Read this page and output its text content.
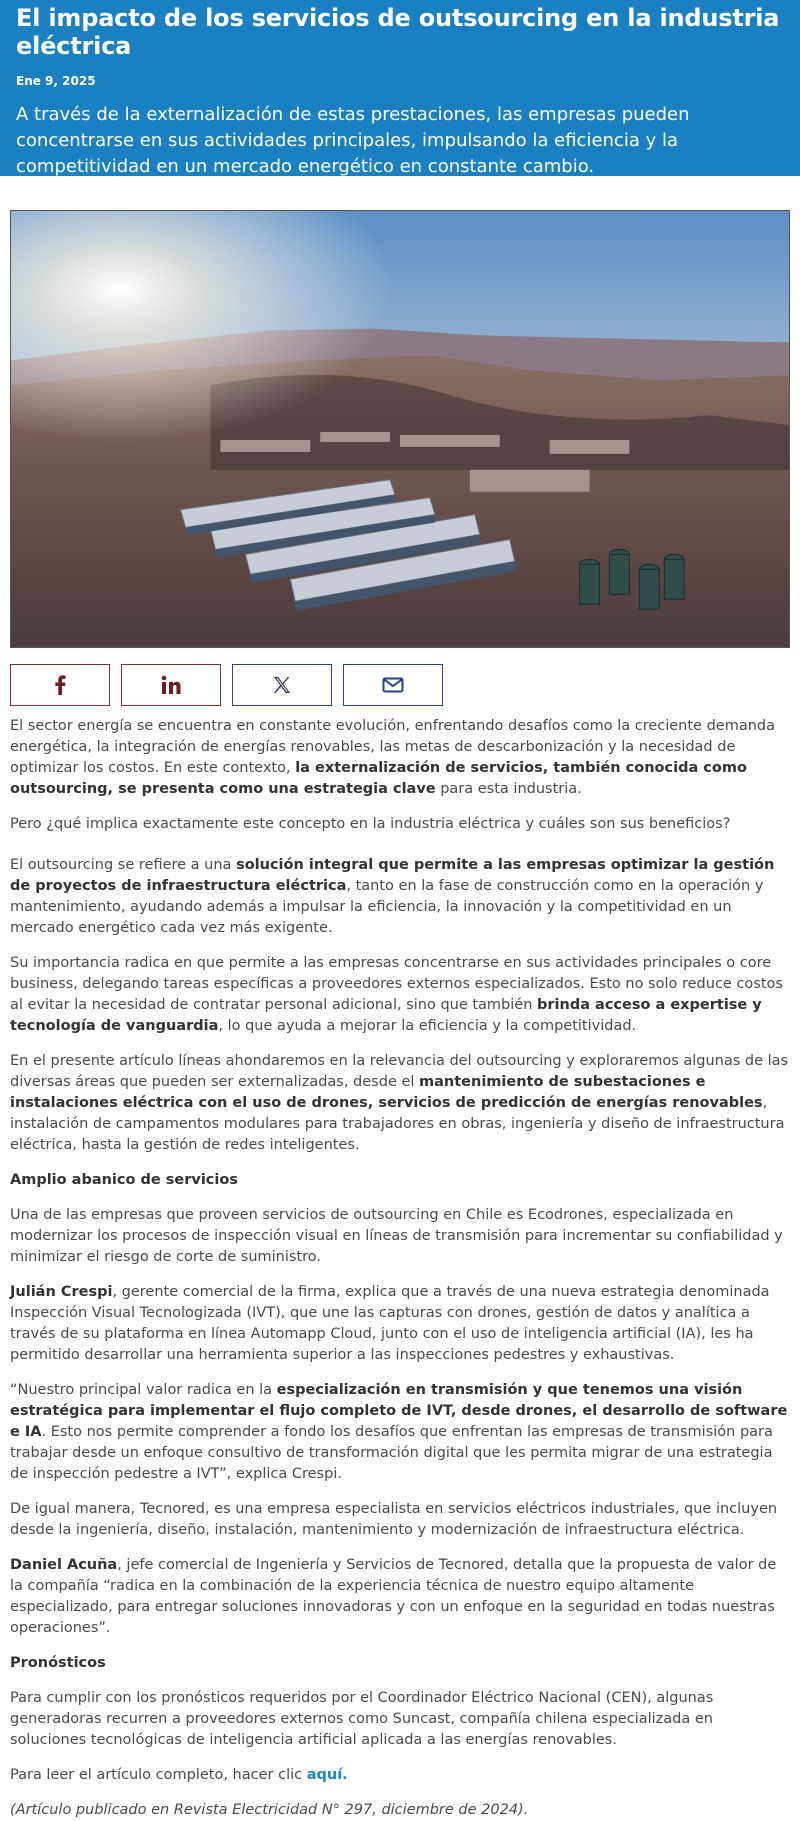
El impacto de los servicios de outsourcing en la industria eléctrica
Ene 9, 2025
A través de la externalización de estas prestaciones, las empresas pueden concentrarse en sus actividades principales, impulsando la eficiencia y la competitividad en un mercado energético en constante cambio.

El sector energía se encuentra en constante evolución, enfrentando desafíos como la creciente demanda energética, la integración de energías renovables, las metas de descarbonización y la necesidad de optimizar los costos. En este contexto, la externalización de servicios, también conocida como outsourcing, se presenta como una estrategia clave para esta industria.

Pero ¿qué implica exactamente este concepto en la industria eléctrica y cuáles son sus beneficios?

El outsourcing se refiere a una solución integral que permite a las empresas optimizar la gestión de proyectos de infraestructura eléctrica, tanto en la fase de construcción como en la operación y mantenimiento, ayudando además a impulsar la eficiencia, la innovación y la competitividad en un mercado energético cada vez más exigente.

Su importancia radica en que permite a las empresas concentrarse en sus actividades principales o core business, delegando tareas específicas a proveedores externos especializados. Esto no solo reduce costos al evitar la necesidad de contratar personal adicional, sino que también brinda acceso a expertise y tecnología de vanguardia, lo que ayuda a mejorar la eficiencia y la competitividad.

En el presente artículo líneas ahondaremos en la relevancia del outsourcing y exploraremos algunas de las diversas áreas que pueden ser externalizadas, desde el mantenimiento de subestaciones e instalaciones eléctrica con el uso de drones, servicios de predicción de energías renovables, instalación de campamentos modulares para trabajadores en obras, ingeniería y diseño de infraestructura eléctrica, hasta la gestión de redes inteligentes.

Amplio abanico de servicios

Una de las empresas que proveen servicios de outsourcing en Chile es Ecodrones, especializada en modernizar los procesos de inspección visual en líneas de transmisión para incrementar su confiabilidad y minimizar el riesgo de corte de suministro.

Julián Crespi, gerente comercial de la firma, explica que a través de una nueva estrategia denominada Inspección Visual Tecnologizada (IVT), que une las capturas con drones, gestión de datos y analítica a través de su plataforma en línea Automapp Cloud, junto con el uso de inteligencia artificial (IA), les ha permitido desarrollar una herramienta superior a las inspecciones pedestres y exhaustivas.

“Nuestro principal valor radica en la especialización en transmisión y que tenemos una visión estratégica para implementar el flujo completo de IVT, desde drones, el desarrollo de software e IA. Esto nos permite comprender a fondo los desafíos que enfrentan las empresas de transmisión para trabajar desde un enfoque consultivo de transformación digital que les permita migrar de una estrategia de inspección pedestre a IVT”, explica Crespi.

De igual manera, Tecnored, es una empresa especialista en servicios eléctricos industriales, que incluyen desde la ingeniería, diseño, instalación, mantenimiento y modernización de infraestructura eléctrica.

Daniel Acuña, jefe comercial de Ingeniería y Servicios de Tecnored, detalla que la propuesta de valor de la compañía “radica en la combinación de la experiencia técnica de nuestro equipo altamente especializado, para entregar soluciones innovadoras y con un enfoque en la seguridad en todas nuestras operaciones”.

Pronósticos

Para cumplir con los pronósticos requeridos por el Coordinador Eléctrico Nacional (CEN), algunas generadoras recurren a proveedores externos como Suncast, compañía chilena especializada en soluciones tecnológicas de inteligencia artificial aplicada a las energías renovables.

Para leer el artículo completo, hacer clic aquí.

(Artículo publicado en Revista Electricidad N° 297, diciembre de 2024).
